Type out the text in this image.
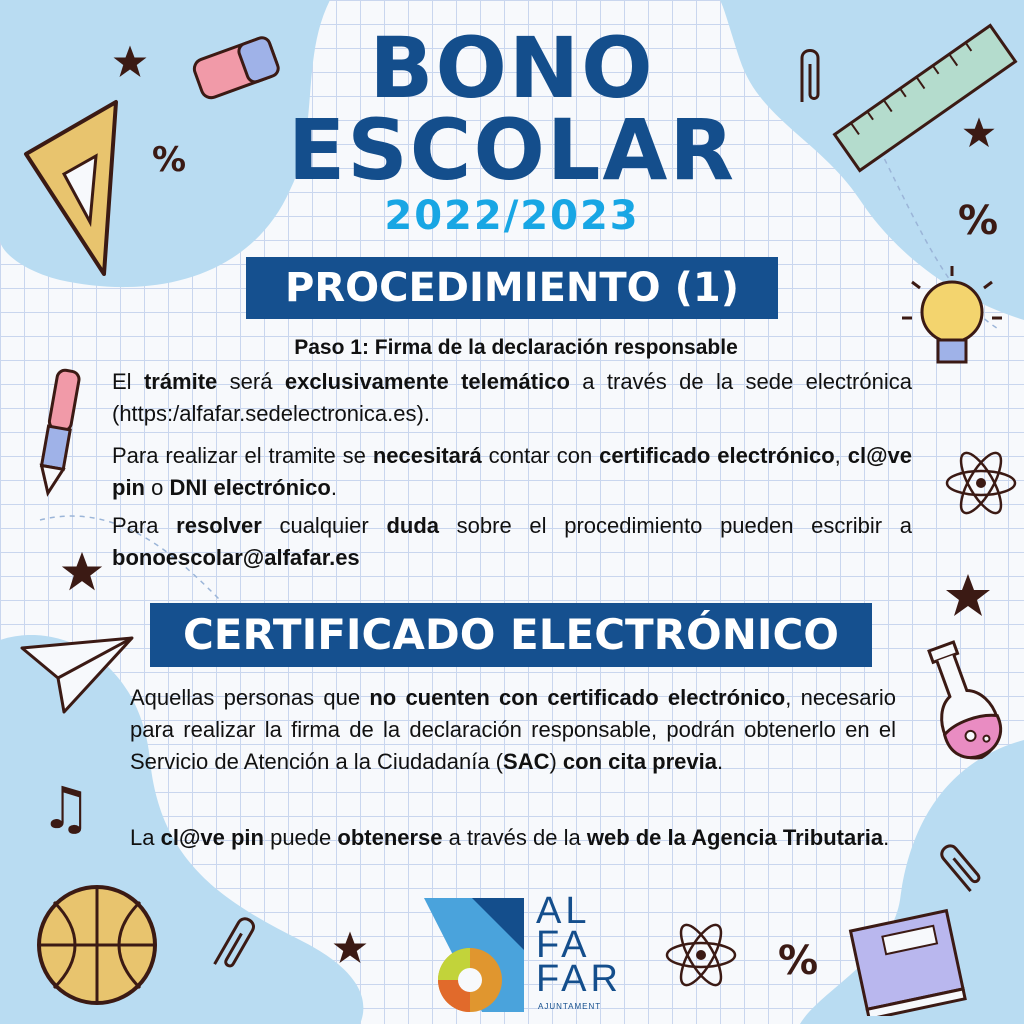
%
%
♫
%
BONO
ESCOLAR
2022/2023
PROCEDIMIENTO (1)
Paso 1: Firma de la declaración responsable
El trámite será exclusivamente telemático a través de la sede electrónica (https:/alfafar.sedelectronica.es).
Para realizar el tramite se necesitará contar con certificado electrónico, cl@ve pin o DNI electrónico.
Para resolver cualquier duda sobre el procedimiento pueden escribir a bonoescolar@alfafar.es
CERTIFICADO ELECTRÓNICO
Aquellas personas que no cuenten con certificado electrónico, necesario para realizar la firma de la declaración responsable, podrán obtenerlo en el Servicio de Atención a la Ciudadanía (SAC) con cita previa.
La cl@ve pin puede obtenerse a través de la web de la Agencia Tributaria.
AL
FA
FAR
AJUNTAMENT
